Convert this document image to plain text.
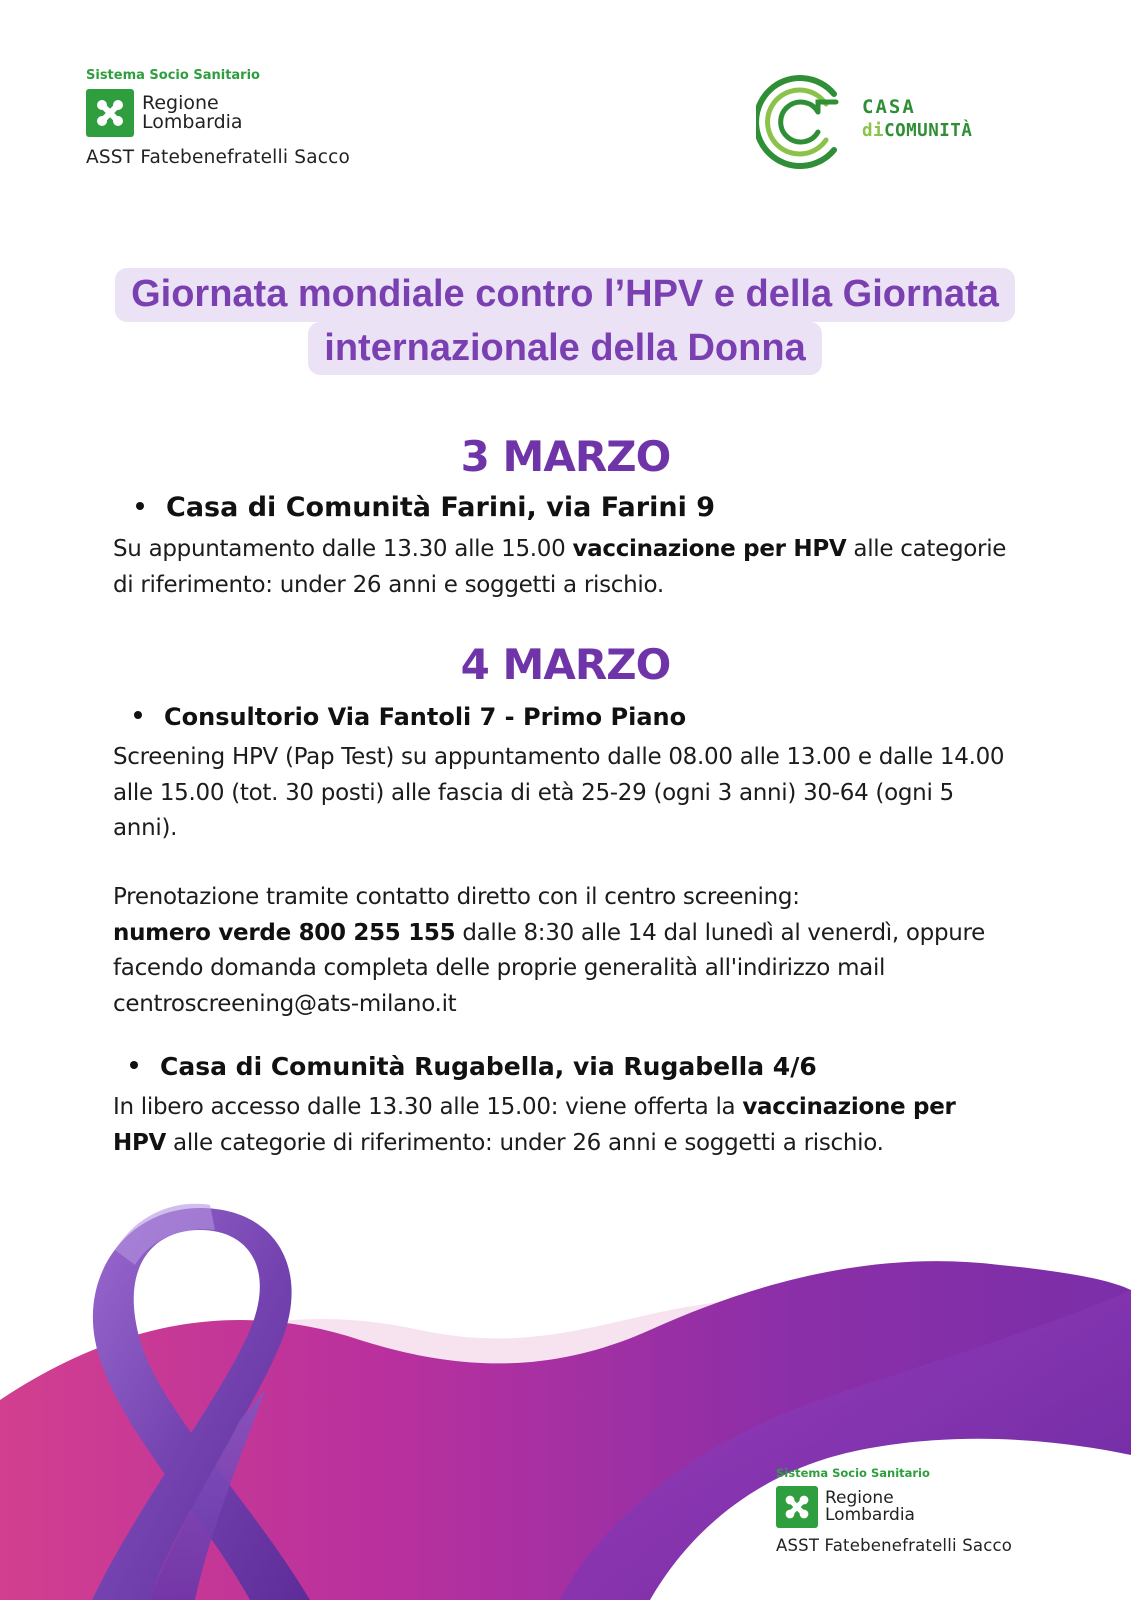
Sistema Socio Sanitario
Regione
Lombardia
ASST Fatebenefratelli Sacco
CASA
diCOMUNITÀ
Giornata mondiale contro l’HPV e della Giornata
internazionale della Donna
3 MARZO
Casa di Comunità Farini, via Farini 9
Su appuntamento dalle 13.30 alle 15.00 vaccinazione per HPV alle categorie di riferimento: under 26 anni e soggetti a rischio.
4 MARZO
Consultorio Via Fantoli 7 - Primo Piano
Screening HPV (Pap Test) su appuntamento dalle 08.00 alle 13.00 e dalle 14.00 alle 15.00 (tot. 30 posti) alle fascia di età 25-29 (ogni 3 anni) 30-64 (ogni 5 anni).
Prenotazione tramite contatto diretto con il centro screening:
numero verde 800 255 155 dalle 8:30 alle 14 dal lunedì al venerdì, oppure facendo domanda completa delle proprie generalità all'indirizzo mail centroscreening@ats-milano.it
Casa di Comunità Rugabella, via Rugabella 4/6
In libero accesso dalle 13.30 alle 15.00: viene offerta la vaccinazione per HPV alle categorie di riferimento: under 26 anni e soggetti a rischio.
Sistema Socio Sanitario
Regione
Lombardia
ASST Fatebenefratelli Sacco
